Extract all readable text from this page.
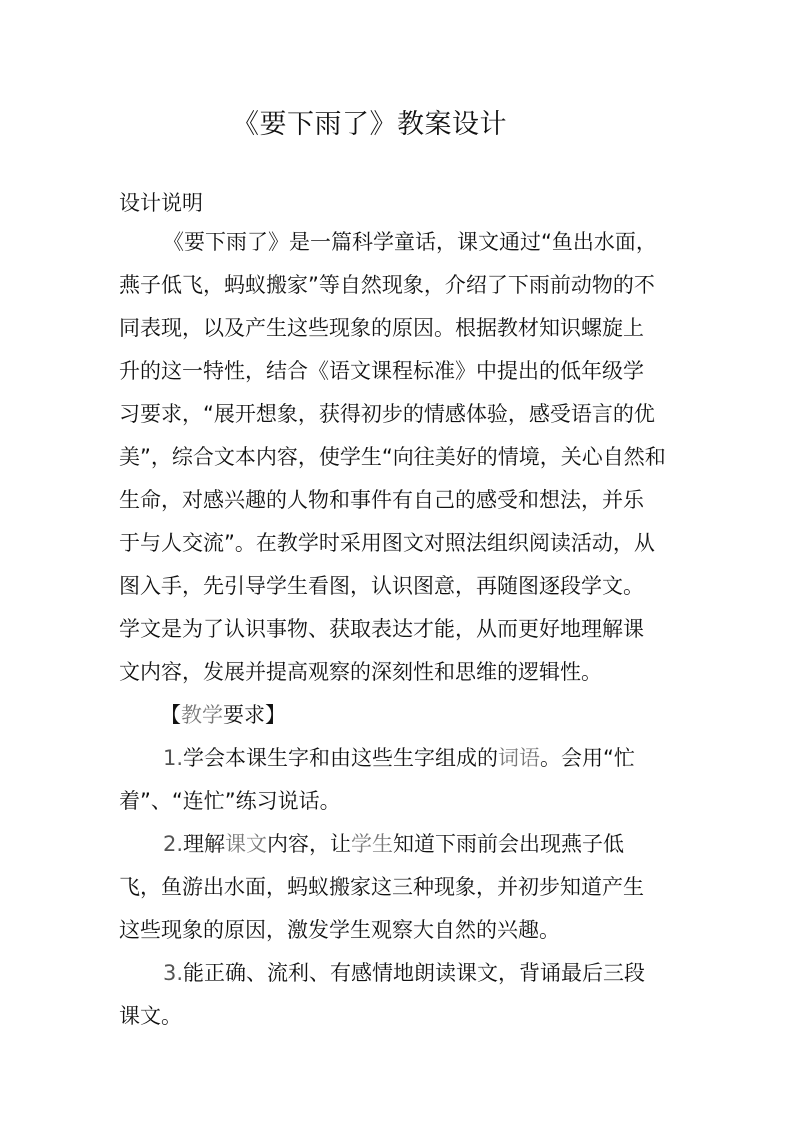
《要下雨了》教案设计
设计说明
《要下雨了》是一篇科学童话，课文通过“鱼出水面，
燕子低飞，蚂蚁搬家”等自然现象，介绍了下雨前动物的不
同表现，以及产生这些现象的原因。根据教材知识螺旋上
升的这一特性，结合《语文课程标准》中提出的低年级学
习要求，“展开想象，获得初步的情感体验，感受语言的优
美”，综合文本内容，使学生“向往美好的情境，关心自然和
生命，对感兴趣的人物和事件有自己的感受和想法，并乐
于与人交流”。在教学时采用图文对照法组织阅读活动，从
图入手，先引导学生看图，认识图意，再随图逐段学文。
学文是为了认识事物、获取表达才能，从而更好地理解课
文内容，发展并提高观察的深刻性和思维的逻辑性。
【教学要求】
1.学会本课生字和由这些生字组成的词语。会用“忙
着”、“连忙”练习说话。
2.理解课文内容，让学生知道下雨前会出现燕子低
飞，鱼游出水面，蚂蚁搬家这三种现象，并初步知道产生
这些现象的原因，激发学生观察大自然的兴趣。
3.能正确、流利、有感情地朗读课文，背诵最后三段
课文。
